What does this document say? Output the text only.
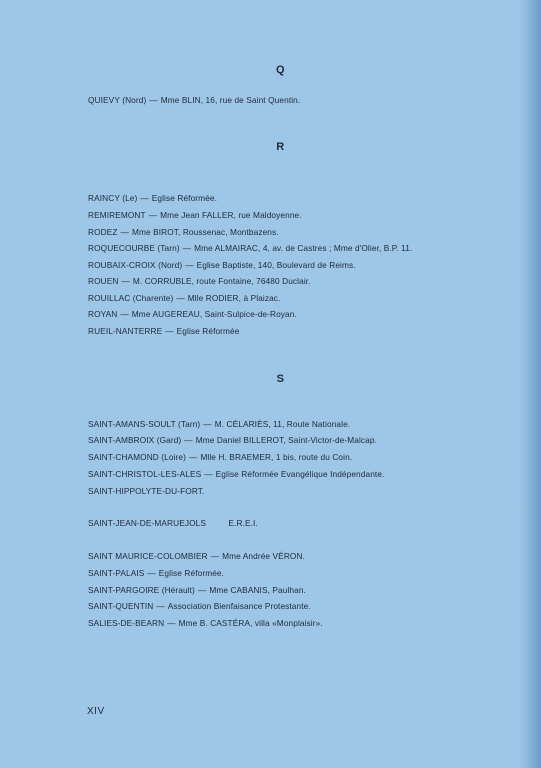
Q
QUIEVY (Nord) — Mme BLIN, 16, rue de Saint Quentin.
R
RAINCY (Le) — Eglise Réformée.
REMIREMONT — Mme Jean FALLER, rue Maldoyenne.
RODEZ — Mme BIROT, Roussenac, Montbazens.
ROQUECOURBE (Tarn) — Mme ALMAIRAC, 4, av. de Castres ; Mme d'Olier, B.P. 11.
ROUBAIX-CROIX (Nord) — Eglise Baptiste, 140, Boulevard de Reims.
ROUEN — M. CORRUBLE, route Fontaine, 76480 Duclair.
ROUILLAC (Charente) — Mlle RODIER, à Plaizac.
ROYAN — Mme AUGEREAU, Saint-Sulpice-de-Royan.
RUEIL-NANTERRE — Eglise Réformée
S
SAINT-AMANS-SOULT (Tarn) — M. CÉLARIÈS, 11, Route Nationale.
SAINT-AMBROIX (Gard) — Mme Daniel BILLEROT, Saint-Victor-de-Malcap.
SAINT-CHAMOND (Loire) — Mlle H. BRAEMER, 1 bis, route du Coin.
SAINT-CHRISTOL-LES-ALES — Eglise Réformée Evangélique Indépendante.
SAINT-HIPPOLYTE-DU-FORT.
SAINT-JEAN-DE-MARUEJOLS	E.R.E.I.
SAINT MAURICE-COLOMBIER — Mme Andrée VÉRON.
SAINT-PALAIS — Eglise Réformée.
SAINT-PARGOIRE (Hérault) — Mme CABANIS, Paulhan.
SAINT-QUENTIN — Association Bienfaisance Protestante.
SALIES-DE-BEARN — Mme B. CASTÉRA, villa «Monplaisir».
XIV
